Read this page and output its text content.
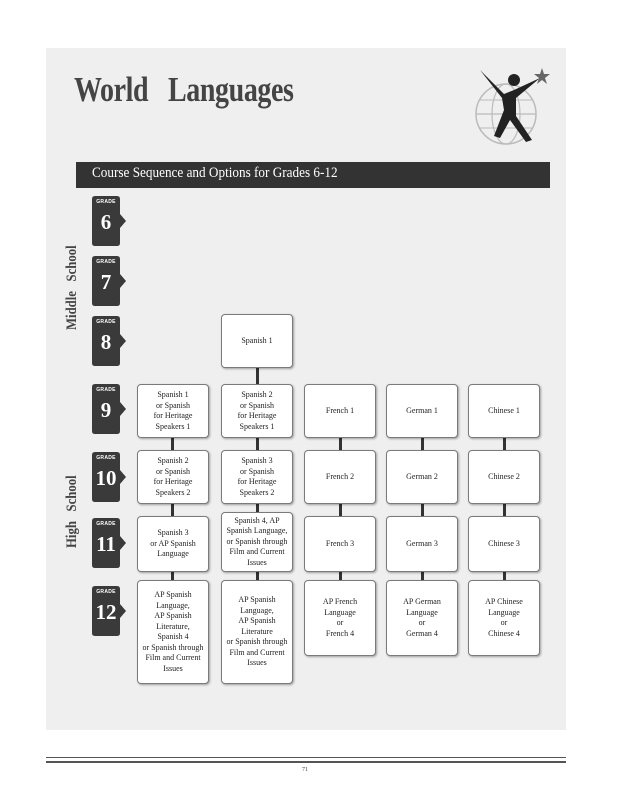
World Languages
Course Sequence and Options for Grades 6-12
Middle   School
High   School
GRADE
6
GRADE
7
GRADE
8
GRADE
9
GRADE
10
GRADE
11
GRADE
12
Spanish 1
Spanish 1
or Spanish
for Heritage
Speakers 1
Spanish 2
or Spanish
for Heritage
Speakers 2
Spanish 3
or AP Spanish
Language
AP Spanish
Language,
AP Spanish
Literature,
Spanish 4
or Spanish through
Film and Current
Issues
Spanish 2
or Spanish
for Heritage
Speakers 1
Spanish 3
or Spanish
for Heritage
Speakers 2
Spanish 4, AP
Spanish Language,
or Spanish through
Film and Current
Issues
AP Spanish
Language,
AP Spanish
Literature
or Spanish through
Film and Current
Issues
French 1
French 2
French 3
AP French
Language
or
French 4
German 1
German 2
German 3
AP German
Language
or
German 4
Chinese 1
Chinese 2
Chinese 3
AP Chinese
Language
or
Chinese 4
71
